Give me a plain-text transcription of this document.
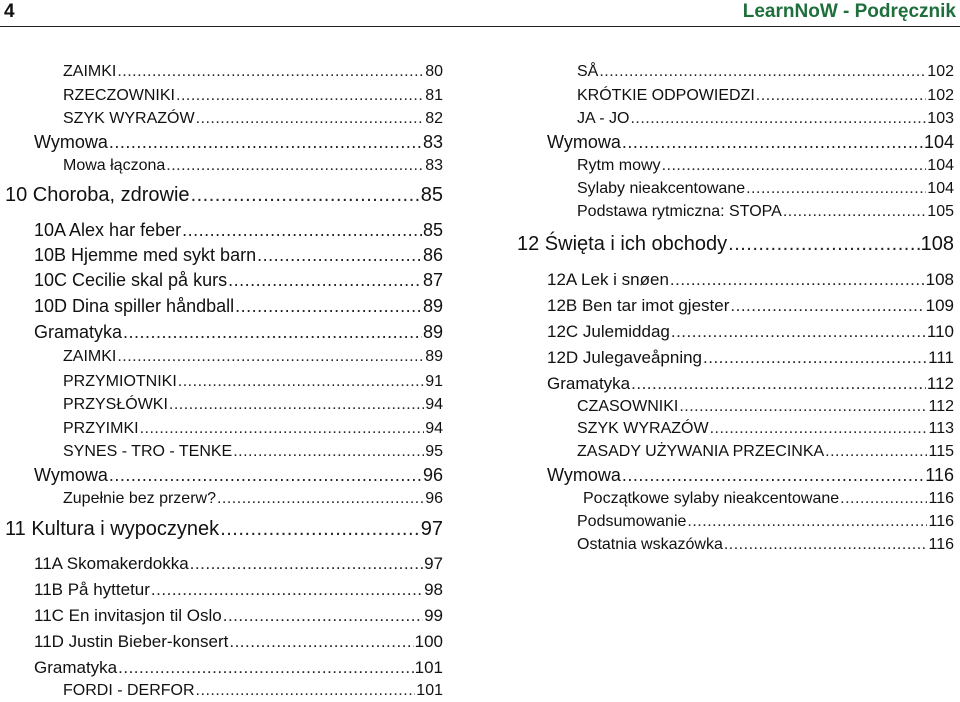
4	LearnNoW - Podręcznik
ZAIMKI .....	80
RZECZOWNIKI .....	81
SZYK WYRAZÓW .....	82
Wymowa .....	83
Mowa łączona .....	83
10 Choroba, zdrowie .....	85
10A Alex har feber .....	85
10B Hjemme med sykt barn .....	86
10C Cecilie skal på kurs .....	87
10D Dina spiller håndball .....	89
Gramatyka .....	89
ZAIMKI .....	89
PRZYMIOTNIKI .....	91
PRZYSŁÓWKI .....	94
PRZYIMKI .....	94
SYNES - TRO - TENKE .....	95
Wymowa .....	96
Zupełnie bez przerw? .....	96
11 Kultura i wypoczynek .....	97
11A Skomakerdokka .....	97
11B På hyttetur .....	98
11C En invitasjon til Oslo .....	99
11D Justin Bieber-konsert .....	100
Gramatyka .....	101
FORDI - DERFOR .....	101
SÅ .....	102
KRÓTKIE ODPOWIEDZI .....	102
JA - JO .....	103
Wymowa .....	104
Rytm mowy .....	104
Sylaby nieakcentowane .....	104
Podstawa rytmiczna: STOPA .....	105
12 Święta i ich obchody .....	108
12A Lek i snøen .....	108
12B Ben tar imot gjester .....	109
12C Julemiddag .....	110
12D Julegaveåpning .....	111
Gramatyka .....	112
CZASOWNIKI .....	112
SZYK WYRAZÓW .....	113
ZASADY UŻYWANIA PRZECINKA .....	115
Wymowa .....	116
Początkowe sylaby nieakcentowane .....	116
Podsumowanie .....	116
Ostatnia wskazówka .....	116
